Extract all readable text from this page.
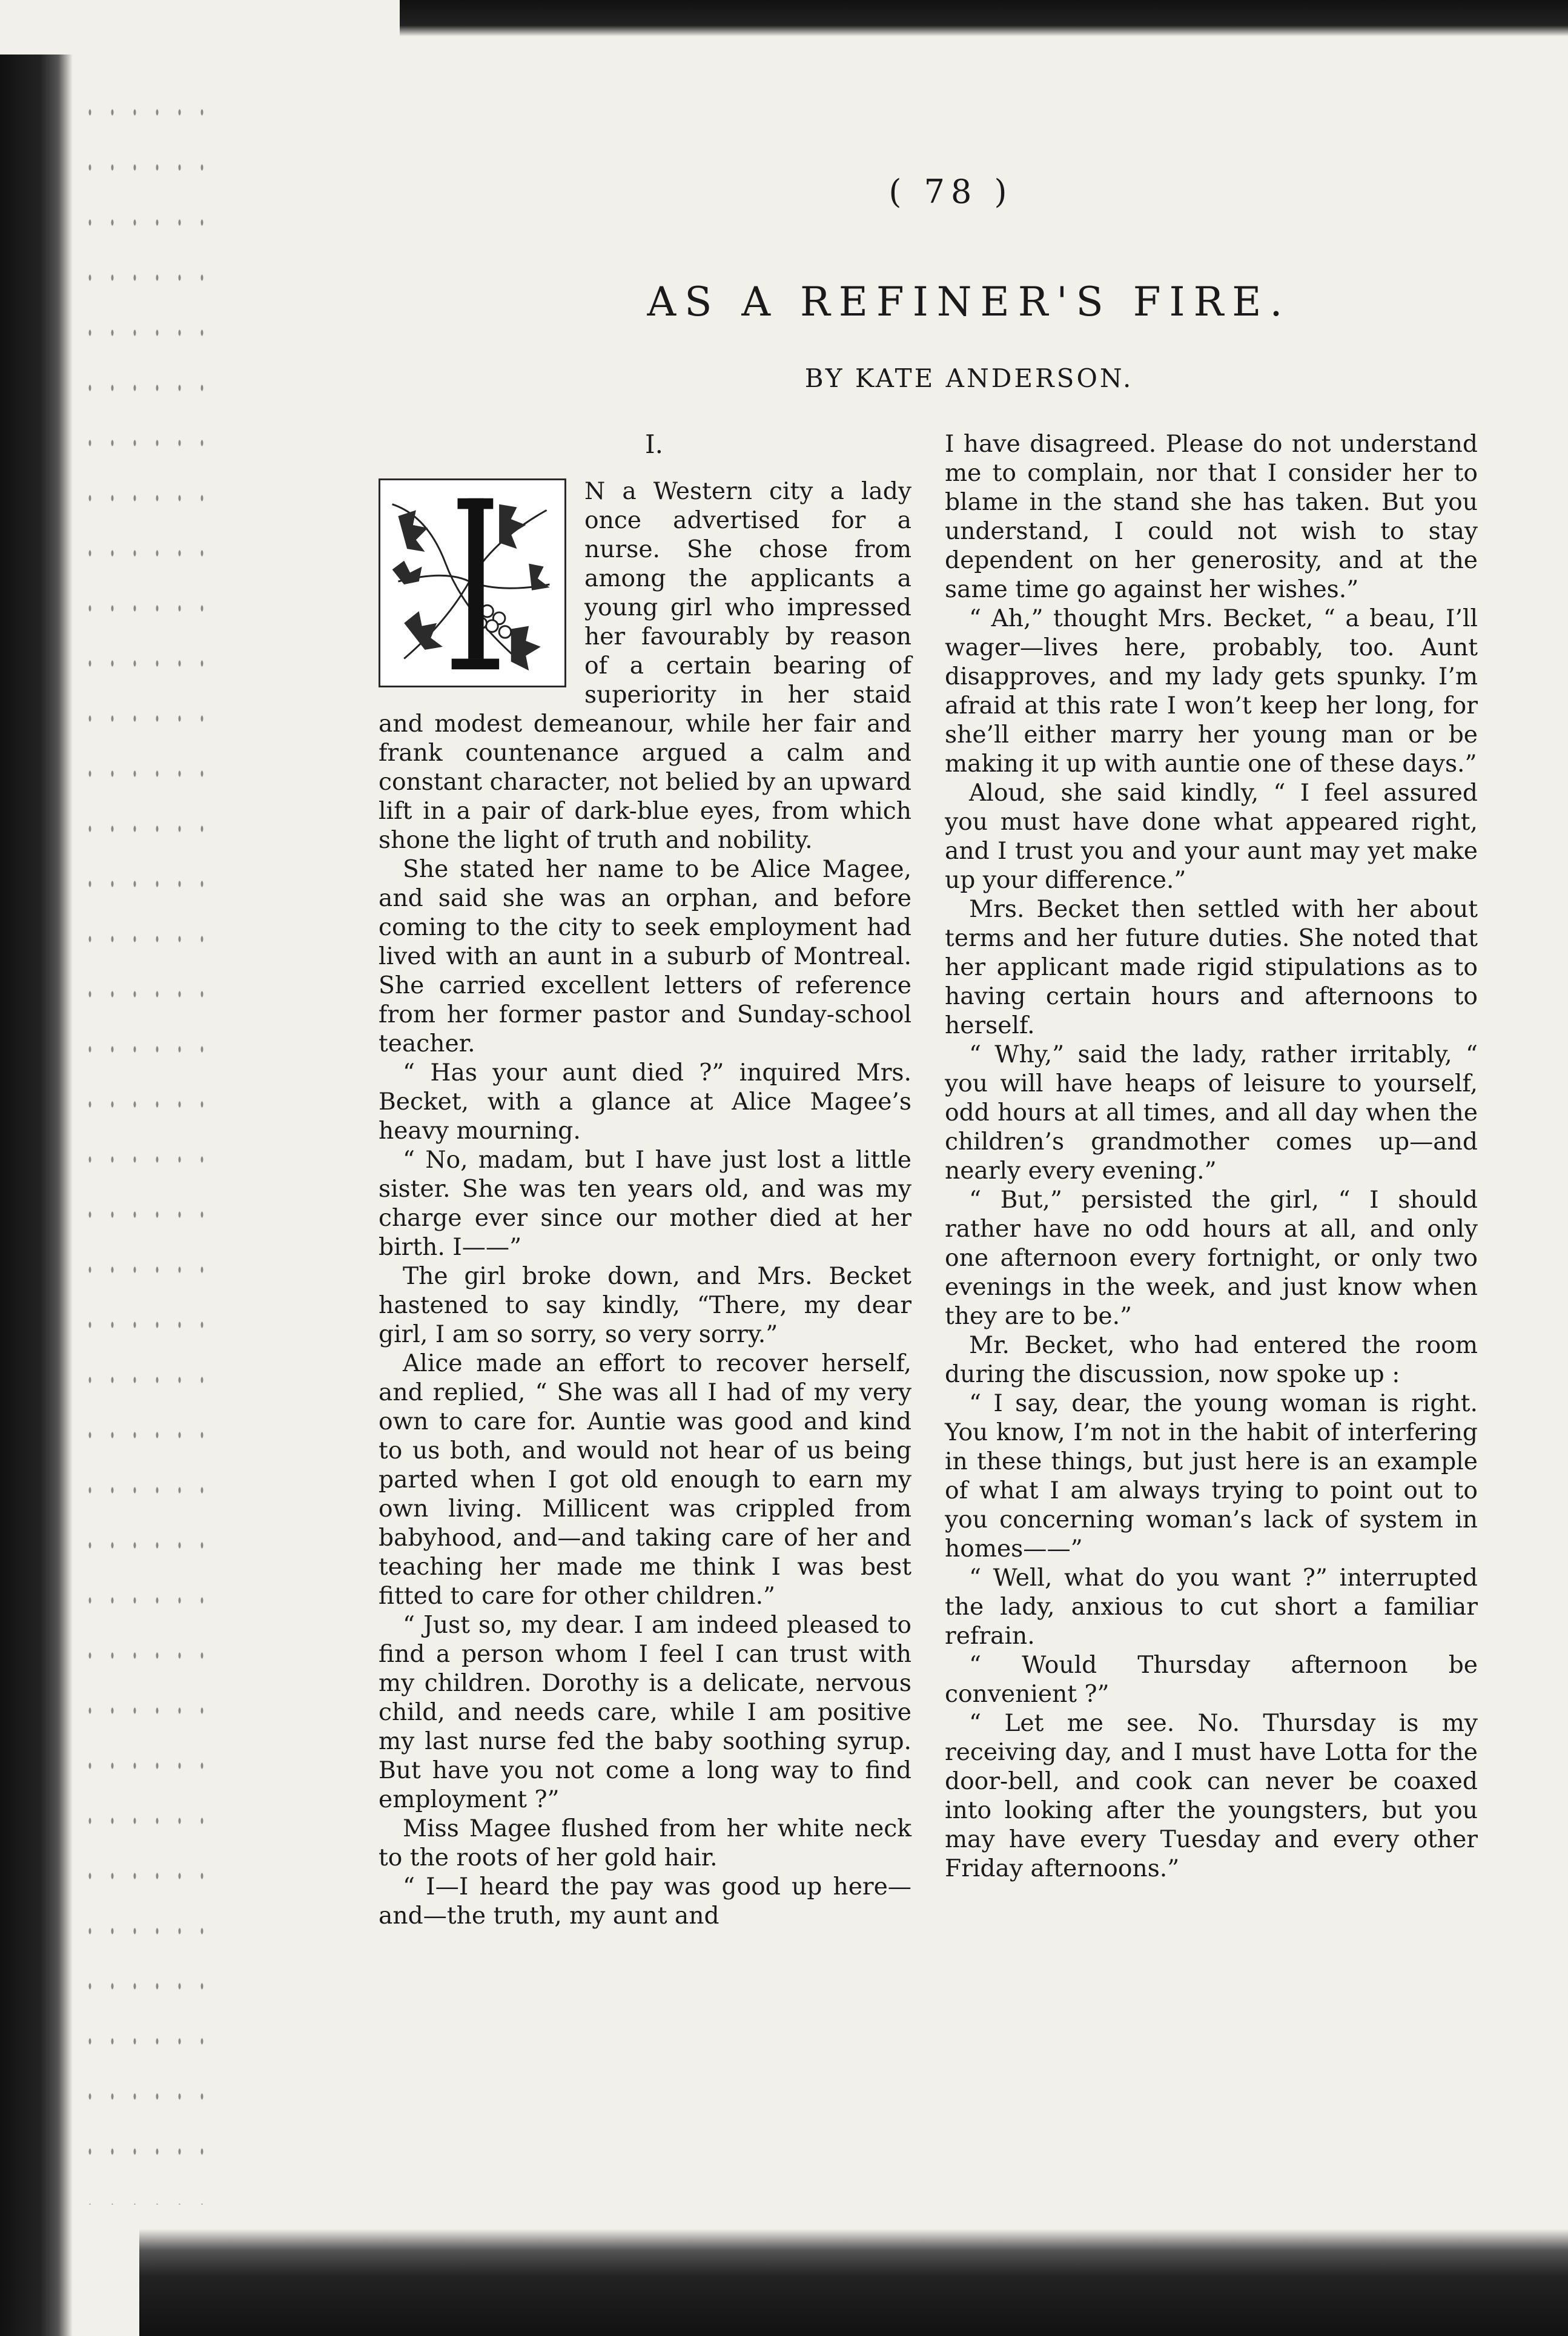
( 78 )
AS A REFINER'S FIRE.
BY KATE ANDERSON.
I.

N a Western city a lady once advertised for a nurse. She chose from among the applicants a young girl who impressed her favourably by reason of a certain bearing of superiority in her staid and modest demeanour, while her fair and frank countenance argued a calm and constant character, not belied by an upward lift in a pair of dark-blue eyes, from which shone the light of truth and nobility.

She stated her name to be Alice Magee, and said she was an orphan, and before coming to the city to seek employment had lived with an aunt in a suburb of Montreal. She carried excellent letters of reference from her former pastor and Sunday-school teacher.

“ Has your aunt died ?” inquired Mrs. Becket, with a glance at Alice Magee’s heavy mourning.

“ No, madam, but I have just lost a little sister. She was ten years old, and was my charge ever since our mother died at her birth. I——”

The girl broke down, and Mrs. Becket hastened to say kindly, “There, my dear girl, I am so sorry, so very sorry.”

Alice made an effort to recover herself, and replied, “ She was all I had of my very own to care for. Auntie was good and kind to us both, and would not hear of us being parted when I got old enough to earn my own living. Millicent was crippled from babyhood, and—and taking care of her and teaching her made me think I was best fitted to care for other children.”

“ Just so, my dear. I am indeed pleased to find a person whom I feel I can trust with my children. Dorothy is a delicate, nervous child, and needs care, while I am positive my last nurse fed the baby soothing syrup. But have you not come a long way to find employment ?”

Miss Magee flushed from her white neck to the roots of her gold hair.

“ I—I heard the pay was good up here—and—the truth, my aunt and

I have disagreed. Please do not understand me to complain, nor that I consider her to blame in the stand she has taken. But you understand, I could not wish to stay dependent on her generosity, and at the same time go against her wishes.”

“ Ah,” thought Mrs. Becket, “ a beau, I’ll wager—lives here, probably, too. Aunt disapproves, and my lady gets spunky. I’m afraid at this rate I won’t keep her long, for she’ll either marry her young man or be making it up with auntie one of these days.”

Aloud, she said kindly, “ I feel assured you must have done what appeared right, and I trust you and your aunt may yet make up your difference.”

Mrs. Becket then settled with her about terms and her future duties. She noted that her applicant made rigid stipulations as to having certain hours and afternoons to herself.

“ Why,” said the lady, rather irritably, “ you will have heaps of leisure to yourself, odd hours at all times, and all day when the children’s grandmother comes up—and nearly every evening.”

“ But,” persisted the girl, “ I should rather have no odd hours at all, and only one afternoon every fortnight, or only two evenings in the week, and just know when they are to be.”

Mr. Becket, who had entered the room during the discussion, now spoke up :

“ I say, dear, the young woman is right. You know, I’m not in the habit of interfering in these things, but just here is an example of what I am always trying to point out to you concerning woman’s lack of system in homes——”

“ Well, what do you want ?” interrupted the lady, anxious to cut short a familiar refrain.

“ Would Thursday afternoon be convenient ?”

“ Let me see. No. Thursday is my receiving day, and I must have Lotta for the door-bell, and cook can never be coaxed into looking after the youngsters, but you may have every Tuesday and every other Friday afternoons.”
